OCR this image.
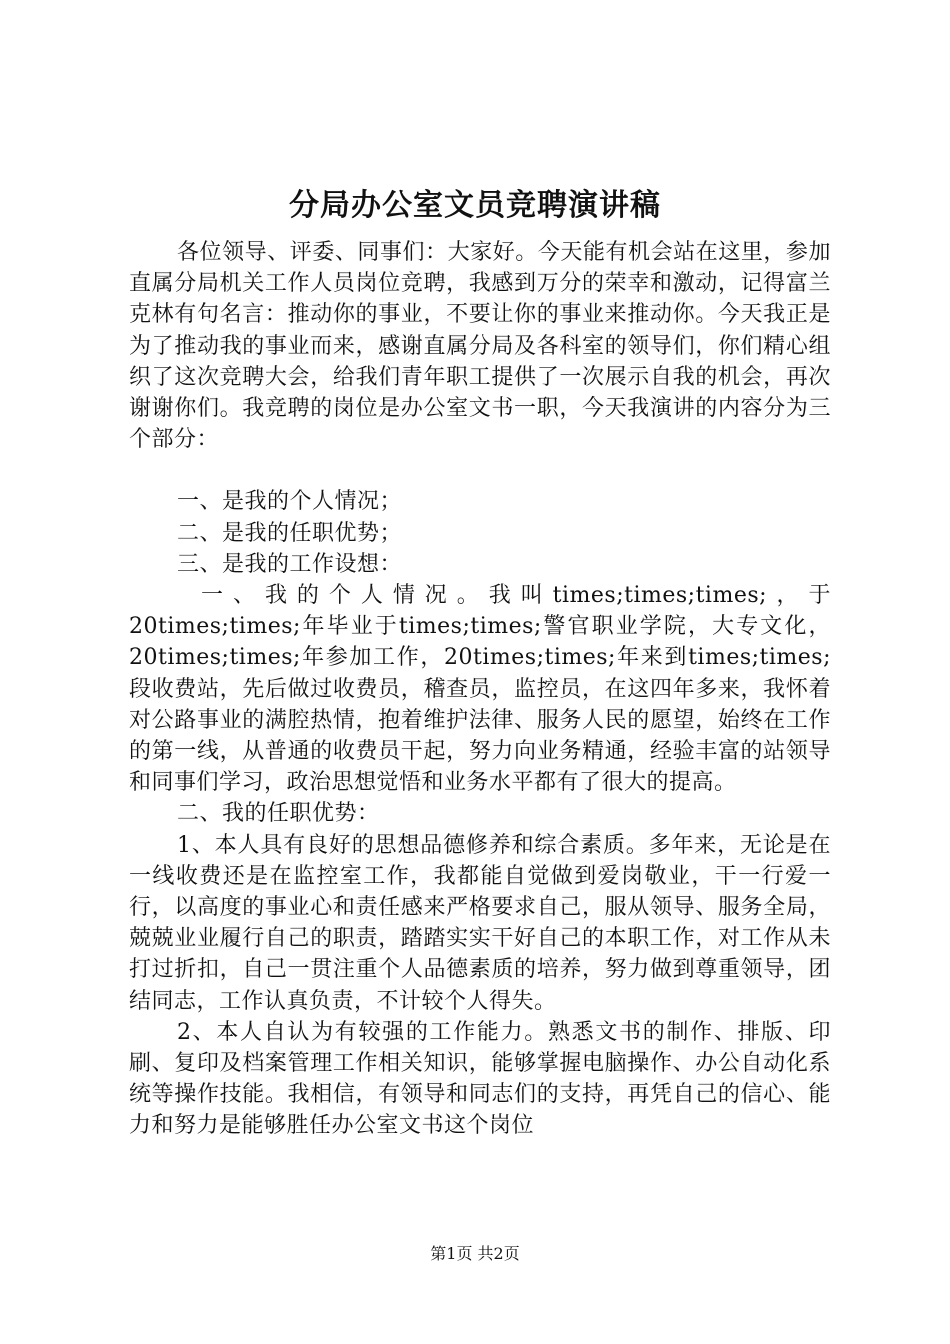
分局办公室文员竞聘演讲稿

各位领导、评委、同事们：大家好。今天能有机会站在这里，参加直属分局机关工作人员岗位竞聘，我感到万分的荣幸和激动，记得富兰克林有句名言：推动你的事业，不要让你的事业来推动你。今天我正是为了推动我的事业而来，感谢直属分局及各科室的领导们，你们精心组织了这次竞聘大会，给我们青年职工提供了一次展示自我的机会，再次谢谢你们。我竞聘的岗位是办公室文书一职，今天我演讲的内容分为三个部分：

一、是我的个人情况；

二、是我的任职优势；

三、是我的工作设想：

一、我的个人情况。我叫times;times;times;，于20times;times;年毕业于times;times;警官职业学院，大专文化，20times;times;年参加工作，20times;times;年来到times;times;段收费站，先后做过收费员，稽查员，监控员，在这四年多来，我怀着对公路事业的满腔热情，抱着维护法律、服务人民的愿望，始终在工作的第一线，从普通的收费员干起，努力向业务精通，经验丰富的站领导和同事们学习，政治思想觉悟和业务水平都有了很大的提高。

二、我的任职优势：

1、本人具有良好的思想品德修养和综合素质。多年来，无论是在一线收费还是在监控室工作，我都能自觉做到爱岗敬业，干一行爱一行，以高度的事业心和责任感来严格要求自己，服从领导、服务全局，兢兢业业履行自己的职责，踏踏实实干好自己的本职工作，对工作从未打过折扣，自己一贯注重个人品德素质的培养，努力做到尊重领导，团结同志，工作认真负责，不计较个人得失。

2、本人自认为有较强的工作能力。熟悉文书的制作、排版、印刷、复印及档案管理工作相关知识，能够掌握电脑操作、办公自动化系统等操作技能。我相信，有领导和同志们的支持，再凭自己的信心、能力和努力是能够胜任办公室文书这个岗位

第1页 共2页
